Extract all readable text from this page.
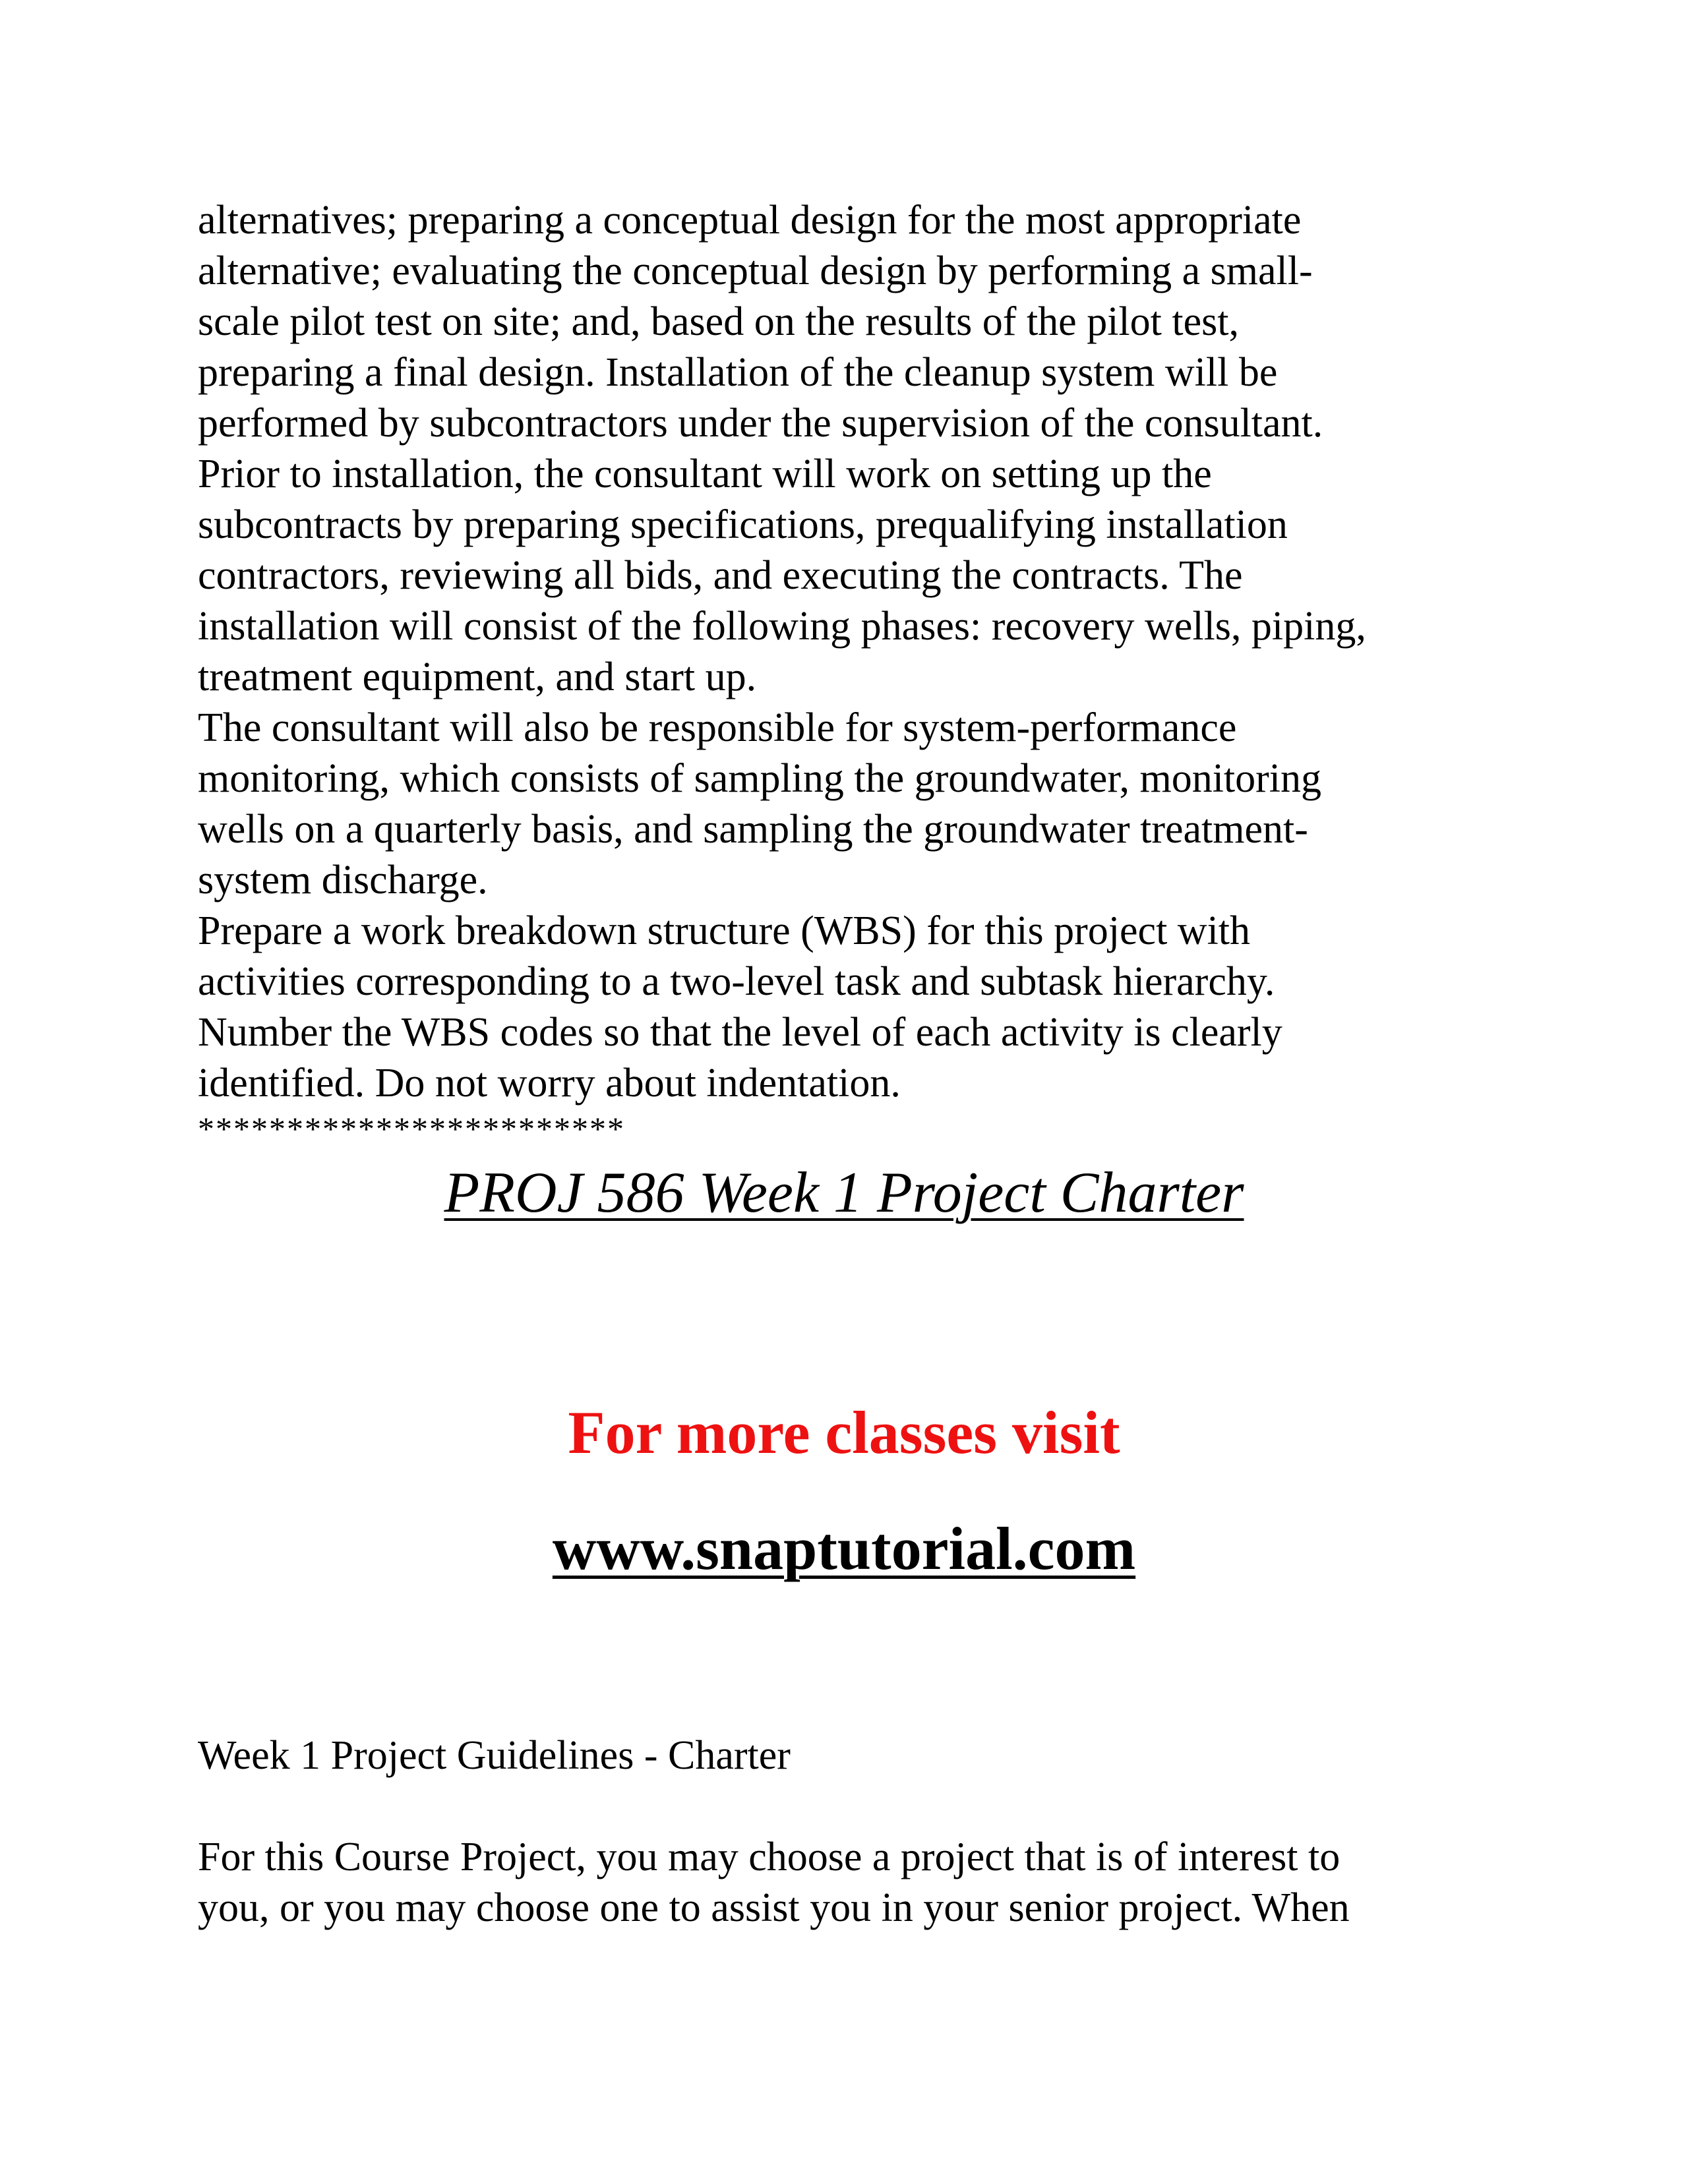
alternatives; preparing a conceptual design for the most appropriate
alternative; evaluating the conceptual design by performing a small-
scale pilot test on site; and, based on the results of the pilot test,
preparing a final design. Installation of the cleanup system will be
performed by subcontractors under the supervision of the consultant.
Prior to installation, the consultant will work on setting up the
subcontracts by preparing specifications, prequalifying installation
contractors, reviewing all bids, and executing the contracts. The
installation will consist of the following phases: recovery wells, piping,
treatment equipment, and start up.
The consultant will also be responsible for system-performance
monitoring, which consists of sampling the groundwater, monitoring
wells on a quarterly basis, and sampling the groundwater treatment-
system discharge.
Prepare a work breakdown structure (WBS) for this project with
activities corresponding to a two-level task and subtask hierarchy.
Number the WBS codes so that the level of each activity is clearly
identified. Do not worry about indentation.
************************
PROJ 586 Week 1 Project Charter
For more classes visit
www.snaptutorial.com
Week 1 Project Guidelines - Charter
For this Course Project, you may choose a project that is of interest to
you, or you may choose one to assist you in your senior project. When
